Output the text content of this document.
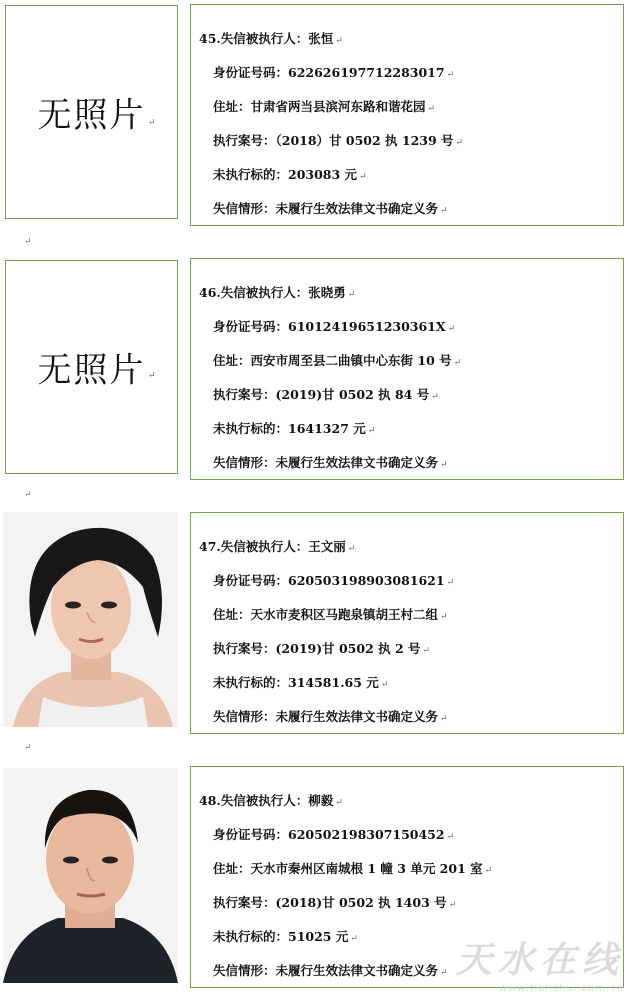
无照片 ↵
45.失信被执行人：张恒 ↵
身份证号码：622626197712283017 ↵
住址：甘肃省两当县滨河东路和谐花园 ↵
执行案号：（2018）甘 0502 执 1239 号 ↵
未执行标的：203083 元 ↵
失信情形：未履行生效法律文书确定义务 ↵
↵
无照片 ↵
46.失信被执行人：张晓勇 ↵
身份证号码：61012419651230361X ↵
住址：西安市周至县二曲镇中心东街 10 号 ↵
执行案号：(2019)甘 0502 执 84 号 ↵
未执行标的：1641327 元 ↵
失信情形：未履行生效法律文书确定义务 ↵
↵
47.失信被执行人：王文丽 ↵
身份证号码：620503198903081621 ↵
住址：天水市麦积区马跑泉镇胡王村二组 ↵
执行案号：(2019)甘 0502 执 2 号 ↵
未执行标的：314581.65 元 ↵
失信情形：未履行生效法律文书确定义务 ↵
↵
48.失信被执行人：柳毅 ↵
身份证号码：620502198307150452 ↵
住址：天水市秦州区南城根 1 幢 3 单元 201 室 ↵
执行案号：(2018)甘 0502 执 1403 号 ↵
未执行标的：51025 元 ↵
失信情形：未履行生效法律文书确定义务 ↵ 天水在线
www.tianshui.com.cn
